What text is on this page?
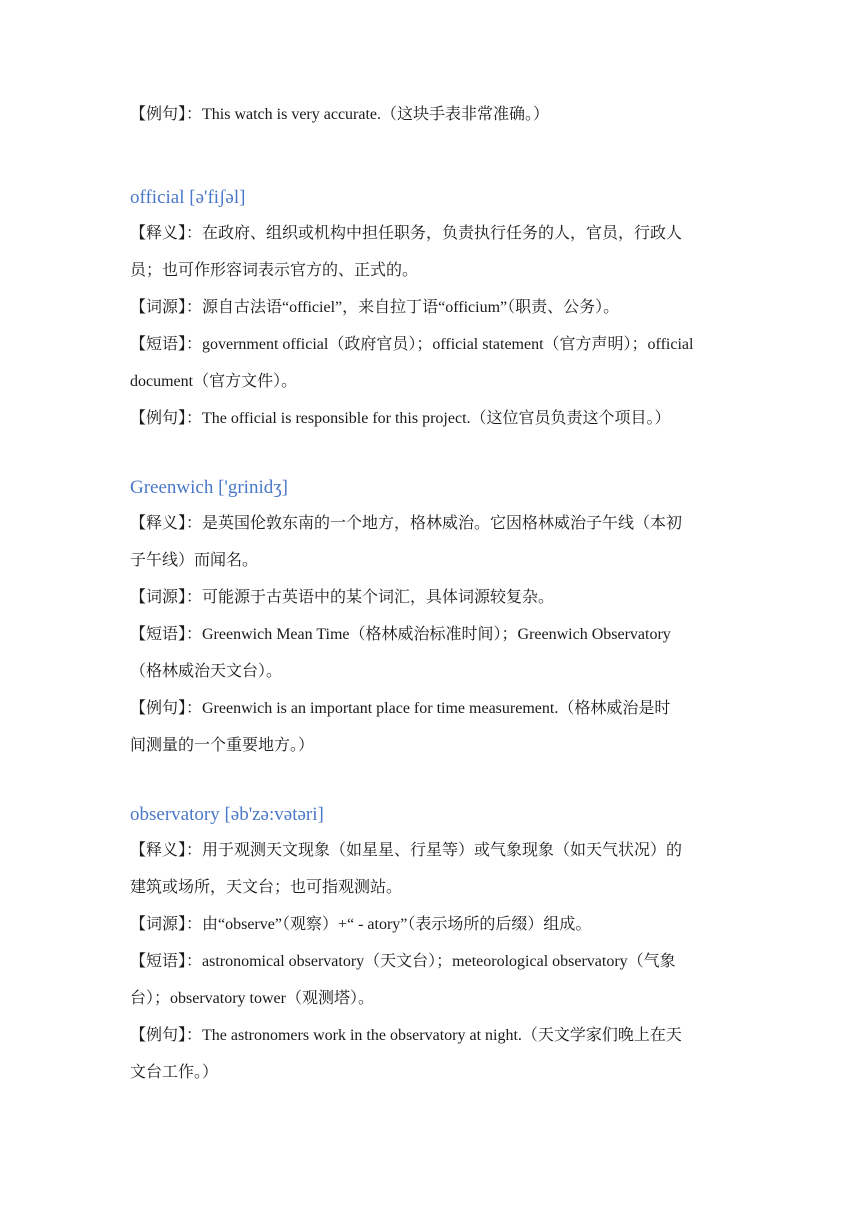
【例句】：This watch is very accurate.（这块手表非常准确。）

official [ə'fiʃəl]

【释义】：在政府、组织或机构中担任职务，负责执行任务的人，官员，行政人

员；也可作形容词表示官方的、正式的。

【词源】：源自古法语“officiel”，来自拉丁语“officium”（职责、公务）。

【短语】：government official（政府官员）；official statement（官方声明）；official

document（官方文件）。

【例句】：The official is responsible for this project.（这位官员负责这个项目。）

Greenwich ['grinidʒ]

【释义】：是英国伦敦东南的一个地方，格林威治。它因格林威治子午线（本初

子午线）而闻名。

【词源】：可能源于古英语中的某个词汇，具体词源较复杂。

【短语】：Greenwich Mean Time（格林威治标准时间）；Greenwich Observatory

（格林威治天文台）。

【例句】：Greenwich is an important place for time measurement.（格林威治是时

间测量的一个重要地方。）

observatory [əb'zə:vətəri]

【释义】：用于观测天文现象（如星星、行星等）或气象现象（如天气状况）的

建筑或场所，天文台；也可指观测站。

【词源】：由“observe”（观察）+“ - atory”（表示场所的后缀）组成。

【短语】：astronomical observatory（天文台）；meteorological observatory（气象

台）；observatory tower（观测塔）。

【例句】：The astronomers work in the observatory at night.（天文学家们晚上在天

文台工作。）
